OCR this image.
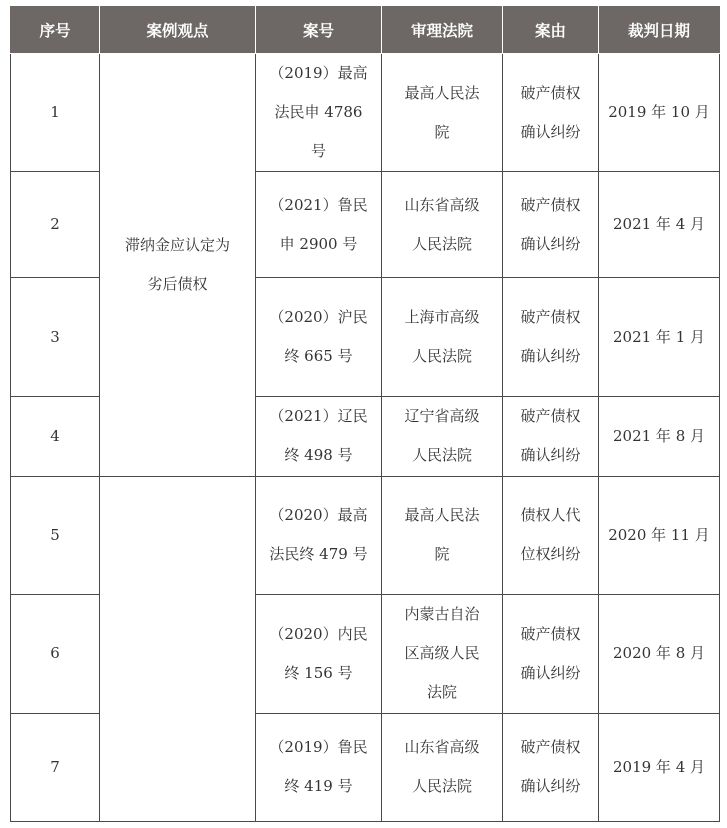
序号	案例观点	案号	审理法院	案由	裁判日期
1	滞纳金应认定为
劣后债权	（2019）最高
法民申 4786
号	最高人民法
院	破产债权
确认纠纷	2019 年 10 月
2		（2021）鲁民
申 2900 号	山东省高级
人民法院	破产债权
确认纠纷	2021 年 4 月
3		（2020）沪民
终 665 号	上海市高级
人民法院	破产债权
确认纠纷	2021 年 1 月
4		（2021）辽民
终 498 号	辽宁省高级
人民法院	破产债权
确认纠纷	2021 年 8 月
5		（2020）最高
法民终 479 号	最高人民法
院	债权人代
位权纠纷	2020 年 11 月
6		（2020）内民
终 156 号	内蒙古自治
区高级人民
法院	破产债权
确认纠纷	2020 年 8 月
7		（2019）鲁民
终 419 号	山东省高级
人民法院	破产债权
确认纠纷	2019 年 4 月
